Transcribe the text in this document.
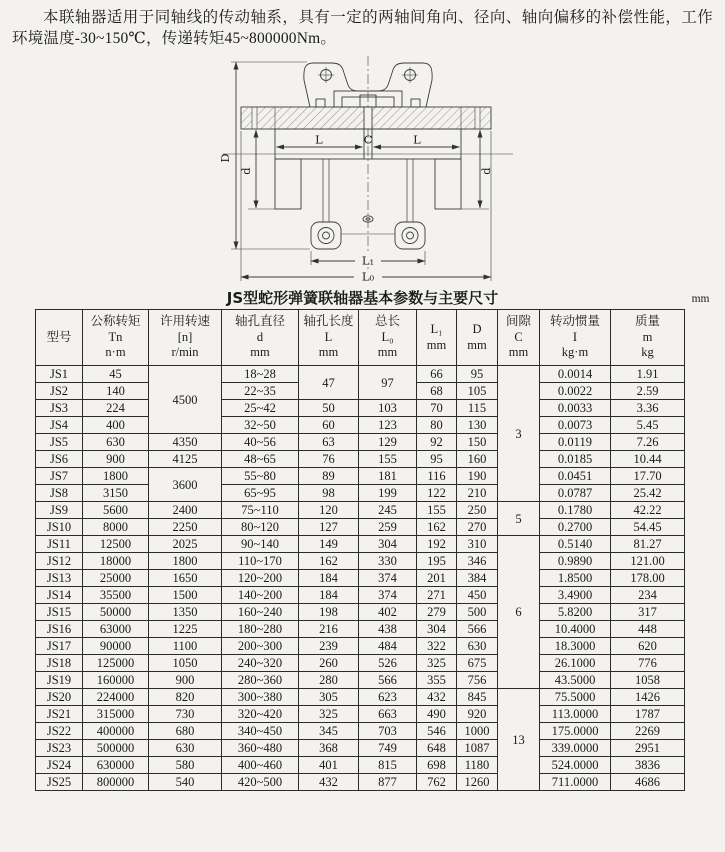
本联轴器适用于同轴线的传动轴系，具有一定的两轴间角向、径向、轴向偏移的补偿性能，工作环境温度-30~150℃，传递转矩45~800000Nm。

D
d	d
L	C	L
L₁
L₀
JS型蛇形弹簧联轴器基本参数与主要尺寸	mm
型号

公称转矩
Tn
n·m

许用转速
[n]
r/min

轴孔直径
d
mm

轴孔长度
L
mm

总长
L₀
mm

L₁
mm

D
mm

间隙
C
mm

转动惯量
I
kg·m

质量
m
kg

JS1	45	4500	18~28	47	97	66	95	3	0.0014	1.91
JS2	140		22~35			68	105		0.0022	2.59
JS3	224		25~42	50	103	70	115		0.0033	3.36
JS4	400		32~50	60	123	80	130		0.0073	5.45
JS5	630	4350	40~56	63	129	92	150		0.0119	7.26
JS6	900	4125	48~65	76	155	95	160		0.0185	10.44
JS7	1800	3600	55~80	89	181	116	190		0.0451	17.70
JS8	3150		65~95	98	199	122	210		0.0787	25.42
JS9	5600	2400	75~110	120	245	155	250	5	0.1780	42.22
JS10	8000	2250	80~120	127	259	162	270		0.2700	54.45
JS11	12500	2025	90~140	149	304	192	310	6	0.5140	81.27
JS12	18000	1800	110~170	162	330	195	346		0.9890	121.00
JS13	25000	1650	120~200	184	374	201	384		1.8500	178.00
JS14	35500	1500	140~200	184	374	271	450		3.4900	234
JS15	50000	1350	160~240	198	402	279	500		5.8200	317
JS16	63000	1225	180~280	216	438	304	566		10.4000	448
JS17	90000	1100	200~300	239	484	322	630		18.3000	620
JS18	125000	1050	240~320	260	526	325	675		26.1000	776
JS19	160000	900	280~360	280	566	355	756		43.5000	1058
JS20	224000	820	300~380	305	623	432	845	13	75.5000	1426
JS21	315000	730	320~420	325	663	490	920		113.0000	1787
JS22	400000	680	340~450	345	703	546	1000		175.0000	2269
JS23	500000	630	360~480	368	749	648	1087		339.0000	2951
JS24	630000	580	400~460	401	815	698	1180		524.0000	3836
JS25	800000	540	420~500	432	877	762	1260		711.0000	4686
